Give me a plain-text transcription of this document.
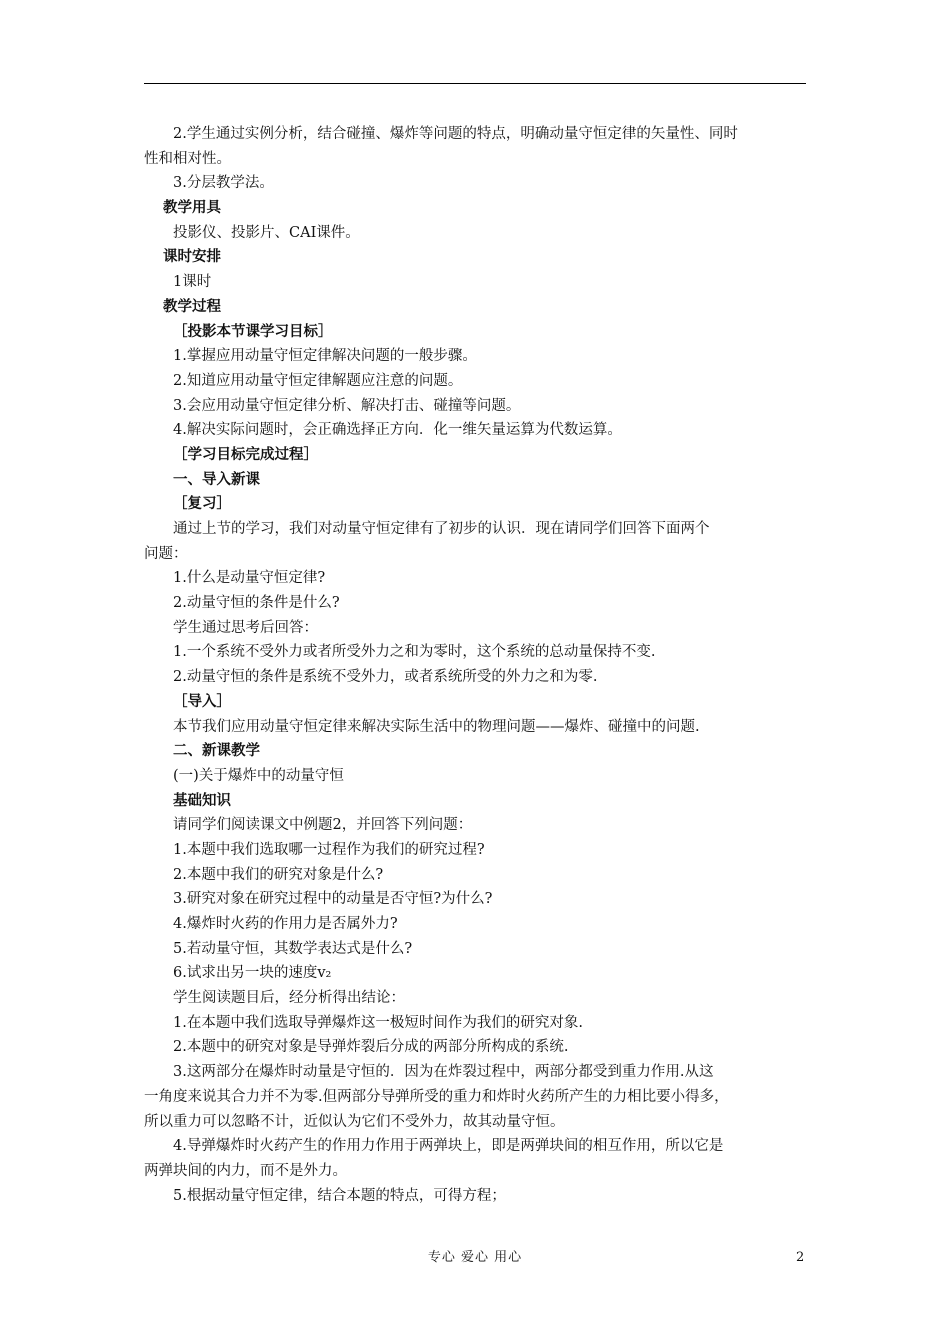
2.学生通过实例分析，结合碰撞、爆炸等问题的特点，明确动量守恒定律的矢量性、同时
性和相对性。
3.分层教学法。
教学用具
投影仪、投影片、CAI课件。
课时安排
1课时
教学过程
［投影本节课学习目标］
1.掌握应用动量守恒定律解决问题的一般步骤。
2.知道应用动量守恒定律解题应注意的问题。
3.会应用动量守恒定律分析、解决打击、碰撞等问题。
4.解决实际问题时，会正确选择正方向．化一维矢量运算为代数运算。
［学习目标完成过程］
一、导入新课
［复习］
通过上节的学习，我们对动量守恒定律有了初步的认识．现在请同学们回答下面两个
问题：
1.什么是动量守恒定律?
2.动量守恒的条件是什么?
学生通过思考后回答：
1.一个系统不受外力或者所受外力之和为零时，这个系统的总动量保持不变.
2.动量守恒的条件是系统不受外力，或者系统所受的外力之和为零.
［导入］
本节我们应用动量守恒定律来解决实际生活中的物理问题——爆炸、碰撞中的问题.
二、新课教学
(一)关于爆炸中的动量守恒
基础知识
请同学们阅读课文中例题2，并回答下列问题：
1.本题中我们选取哪一过程作为我们的研究过程?
2.本题中我们的研究对象是什么?
3.研究对象在研究过程中的动量是否守恒?为什么?
4.爆炸时火药的作用力是否属外力?
5.若动量守恒，其数学表达式是什么?
6.试求出另一块的速度v₂
学生阅读题目后，经分析得出结论：
1.在本题中我们选取导弹爆炸这一极短时间作为我们的研究对象.
2.本题中的研究对象是导弹炸裂后分成的两部分所构成的系统.
3.这两部分在爆炸时动量是守恒的．因为在炸裂过程中，两部分都受到重力作用.从这
一角度来说其合力并不为零.但两部分导弹所受的重力和炸时火药所产生的力相比要小得多，
所以重力可以忽略不计，近似认为它们不受外力，故其动量守恒。
4.导弹爆炸时火药产生的作用力作用于两弹块上，即是两弹块间的相互作用，所以它是
两弹块间的内力，而不是外力。
5.根据动量守恒定律，结合本题的特点，可得方程；
专心 爱心 用心	2
